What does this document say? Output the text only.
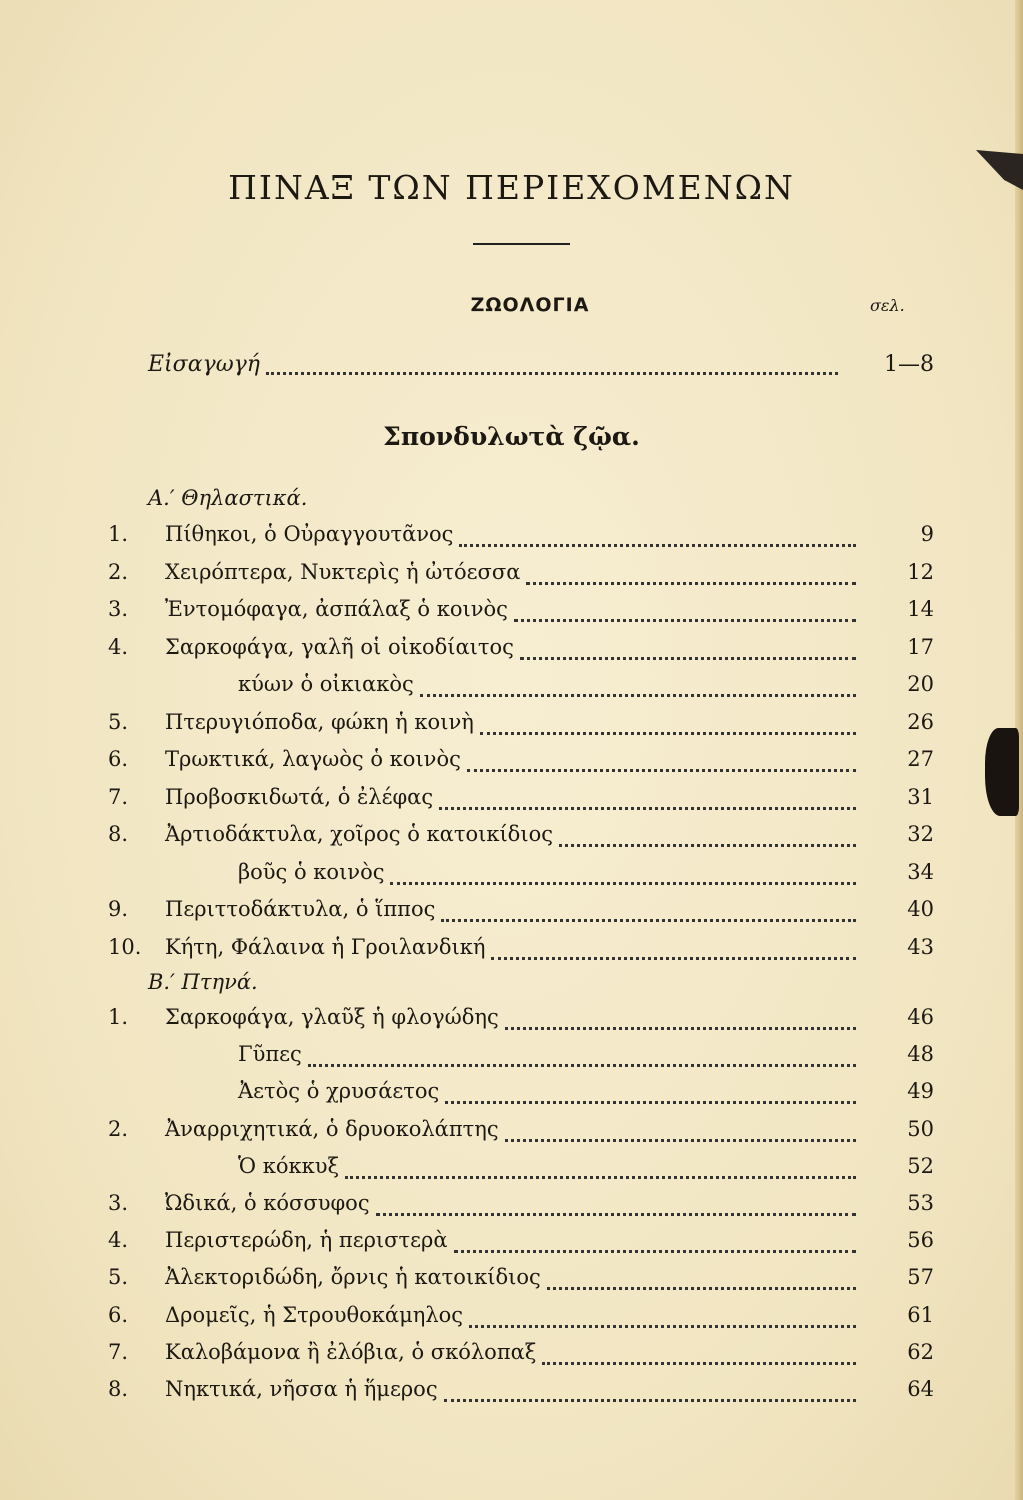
ΠΙΝΑΞ ΤΩΝ ΠΕΡΙΕΧΟΜΕΝΩΝ
ΖΩΟΛΟΓΙΑ	σελ.
Εἰσαγωγή	1—8
Σπονδυλωτὰ ζῷα.
Α.′ Θηλαστικά.
1.	Πίθηκοι, ὁ Οὐραγγουτᾶνος	9
2.	Χειρόπτερα, Νυκτερὶς ἡ ὠτόεσσα	12
3.	Ἐντομόφαγα, ἀσπάλαξ ὁ κοινὸς	14
4.	Σαρκοφάγα, γαλῆ οἱ οἰκοδίαιτος	17
κύων ὁ οἰκιακὸς	20
5.	Πτερυγιόποδα, φώκη ἡ κοινὴ	26
6.	Τρωκτικά, λαγωὸς ὁ κοινὸς	27
7.	Προβοσκιδωτά, ὁ ἐλέφας	31
8.	Ἀρτιοδάκτυλα, χοῖρος ὁ κατοικίδιος	32
βοῦς ὁ κοινὸς	34
9.	Περιττοδάκτυλα, ὁ ἵππος	40
10.	Κήτη, Φάλαινα ἡ Γροιλανδική	43
Β.′ Πτηνά.
1.	Σαρκοφάγα, γλαῦξ ἡ φλογώδης	46
Γῦπες	48
Ἀετὸς ὁ χρυσάετος	49
2.	Ἀναρριχητικά, ὁ δρυοκολάπτης	50
Ὁ κόκκυξ	52
3.	Ὠδικά, ὁ κόσσυφος	53
4.	Περιστερώδη, ἡ περιστερὰ	56
5.	Ἀλεκτοριδώδη, ὄρνις ἡ κατοικίδιος	57
6.	Δρομεῖς, ἡ Στρουθοκάμηλος	61
7.	Καλοβάμονα ἢ ἐλόβια, ὁ σκόλοπαξ	62
8.	Νηκτικά, νῆσσα ἡ ἥμερος	64
